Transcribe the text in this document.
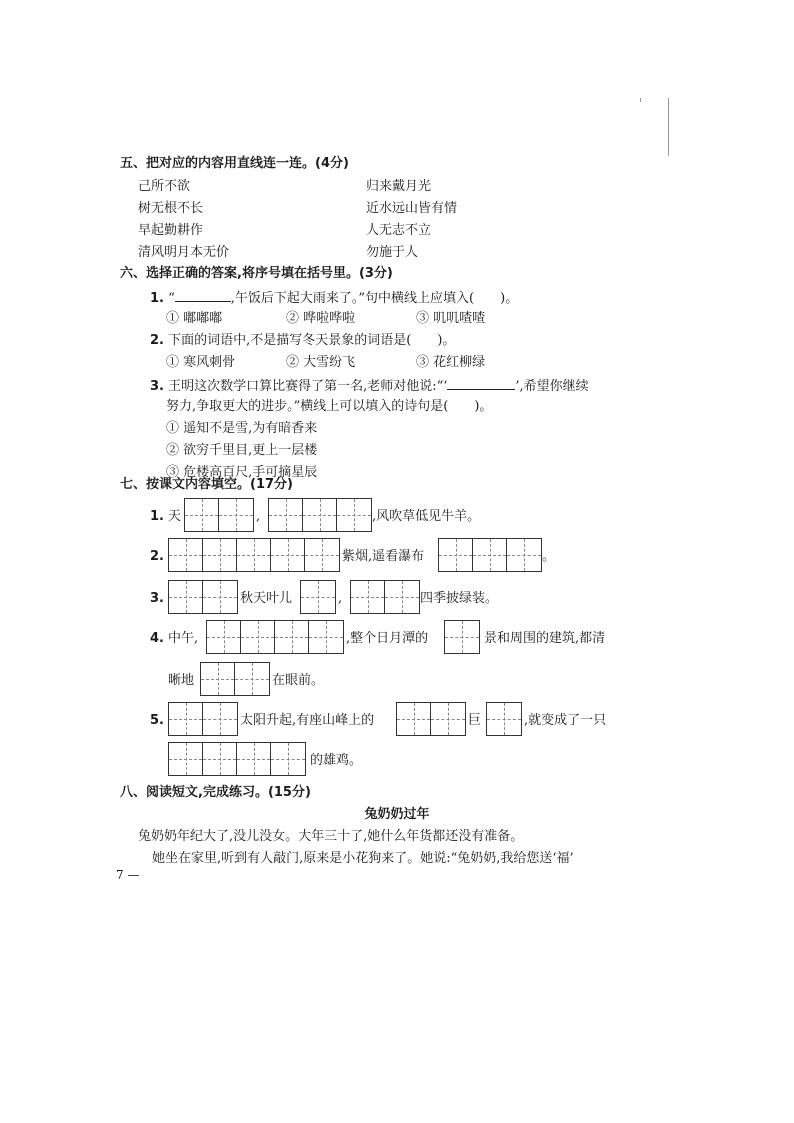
五、把对应的内容用直线连一连。(4分)
己所不欲
树无根不长
早起勤耕作
清风明月本无价
归来戴月光
近水远山皆有情
人无志不立
勿施于人
六、选择正确的答案,将序号填在括号里。(3分)
1. “	,午饭后下起大雨来了。”句中横线上应填入( )。
① 嘟嘟嘟	② 哗啦哗啦	③ 叽叽喳喳
2. 下面的词语中,不是描写冬天景象的词语是( )。
① 寒风刺骨	② 大雪纷飞	③ 花红柳绿
3. 王明这次数学口算比赛得了第一名,老师对他说:“‘	’,希望你继续
努力,争取更大的进步。”横线上可以填入的诗句是( )。
① 遥知不是雪,为有暗香来
② 欲穷千里目,更上一层楼
③ 危楼高百尺,手可摘星辰
七、按课文内容填空。(17分)
1. 天	,	,风吹草低见牛羊。
2.	紫烟,遥看瀑布	。
3.	秋天叶儿	,	四季披绿装。
4. 中午,	,整个日月潭的	景和周围的建筑,都清
晰地	在眼前。
5.	太阳升起,有座山峰上的	巨	,就变成了一只
的雄鸡。
八、阅读短文,完成练习。(15分)
兔奶奶过年
兔奶奶年纪大了,没儿没女。大年三十了,她什么年货都还没有准备。
她坐在家里,听到有人敲门,原来是小花狗来了。她说:“兔奶奶,我给您送‘福’
7 —
